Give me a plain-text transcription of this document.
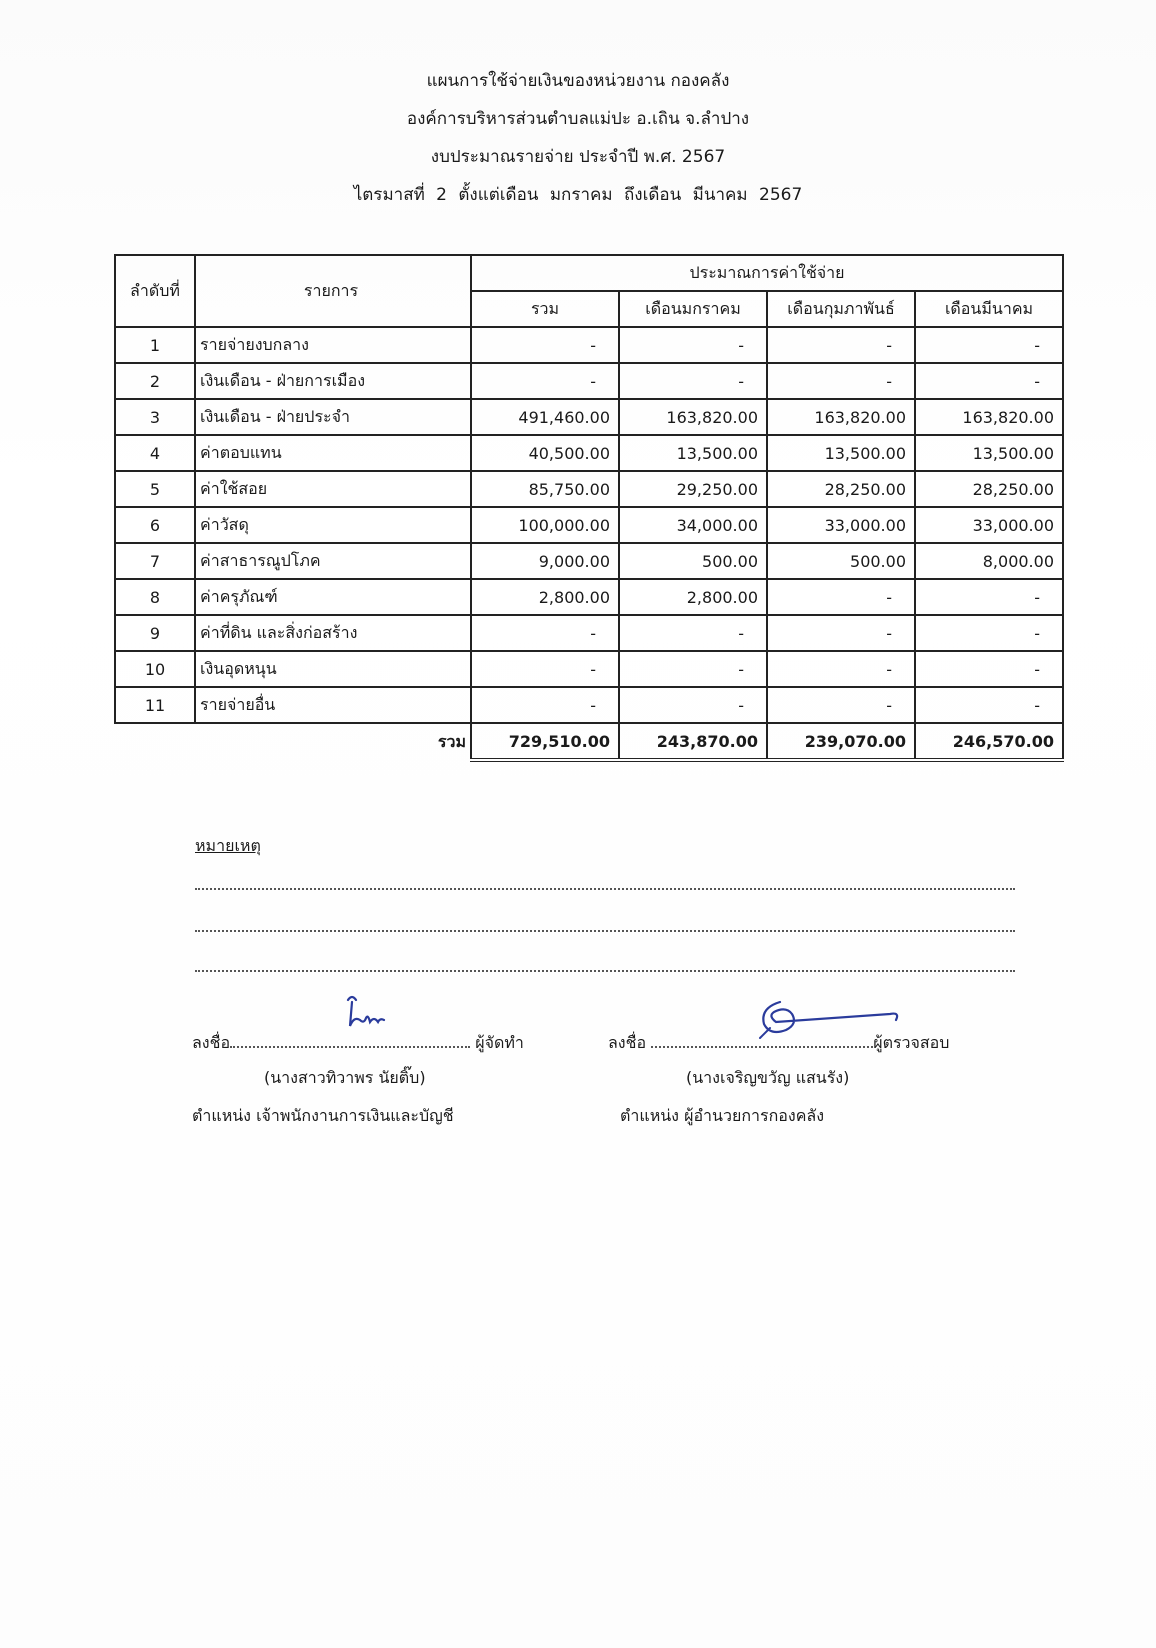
แผนการใช้จ่ายเงินของหน่วยงาน กองคลัง
องค์การบริหารส่วนตำบลแม่ปะ อ.เถิน จ.ลำปาง
งบประมาณรายจ่าย ประจำปี พ.ศ. 2567
ไตรมาสที่ 2 ตั้งแต่เดือน มกราคม ถึงเดือน มีนาคม 2567
ลำดับที่	รายการ	ประมาณการค่าใช้จ่าย			
		รวม	เดือนมกราคม	เดือนกุมภาพันธ์	เดือนมีนาคม
1	รายจ่ายงบกลาง	-	-	-	-
2	เงินเดือน - ฝ่ายการเมือง	-	-	-	-
3	เงินเดือน - ฝ่ายประจำ	491,460.00	163,820.00	163,820.00	163,820.00
4	ค่าตอบแทน	40,500.00	13,500.00	13,500.00	13,500.00
5	ค่าใช้สอย	85,750.00	29,250.00	28,250.00	28,250.00
6	ค่าวัสดุ	100,000.00	34,000.00	33,000.00	33,000.00
7	ค่าสาธารณูปโภค	9,000.00	500.00	500.00	8,000.00
8	ค่าครุภัณฑ์	2,800.00	2,800.00	-	-
9	ค่าที่ดิน และสิ่งก่อสร้าง	-	-	-	-
10	เงินอุดหนุน	-	-	-	-
11	รายจ่ายอื่น	-	-	-	-
	รวม	729,510.00	243,870.00	239,070.00	246,570.00
หมายเหตุ
ลงชื่อ	ผู้จัดทำ
(นางสาวทิวาพร นัยติ๊บ)
ตำแหน่ง เจ้าพนักงานการเงินและบัญชี
ลงชื่อ	ผู้ตรวจสอบ
(นางเจริญขวัญ แสนรัง)
ตำแหน่ง ผู้อำนวยการกองคลัง
